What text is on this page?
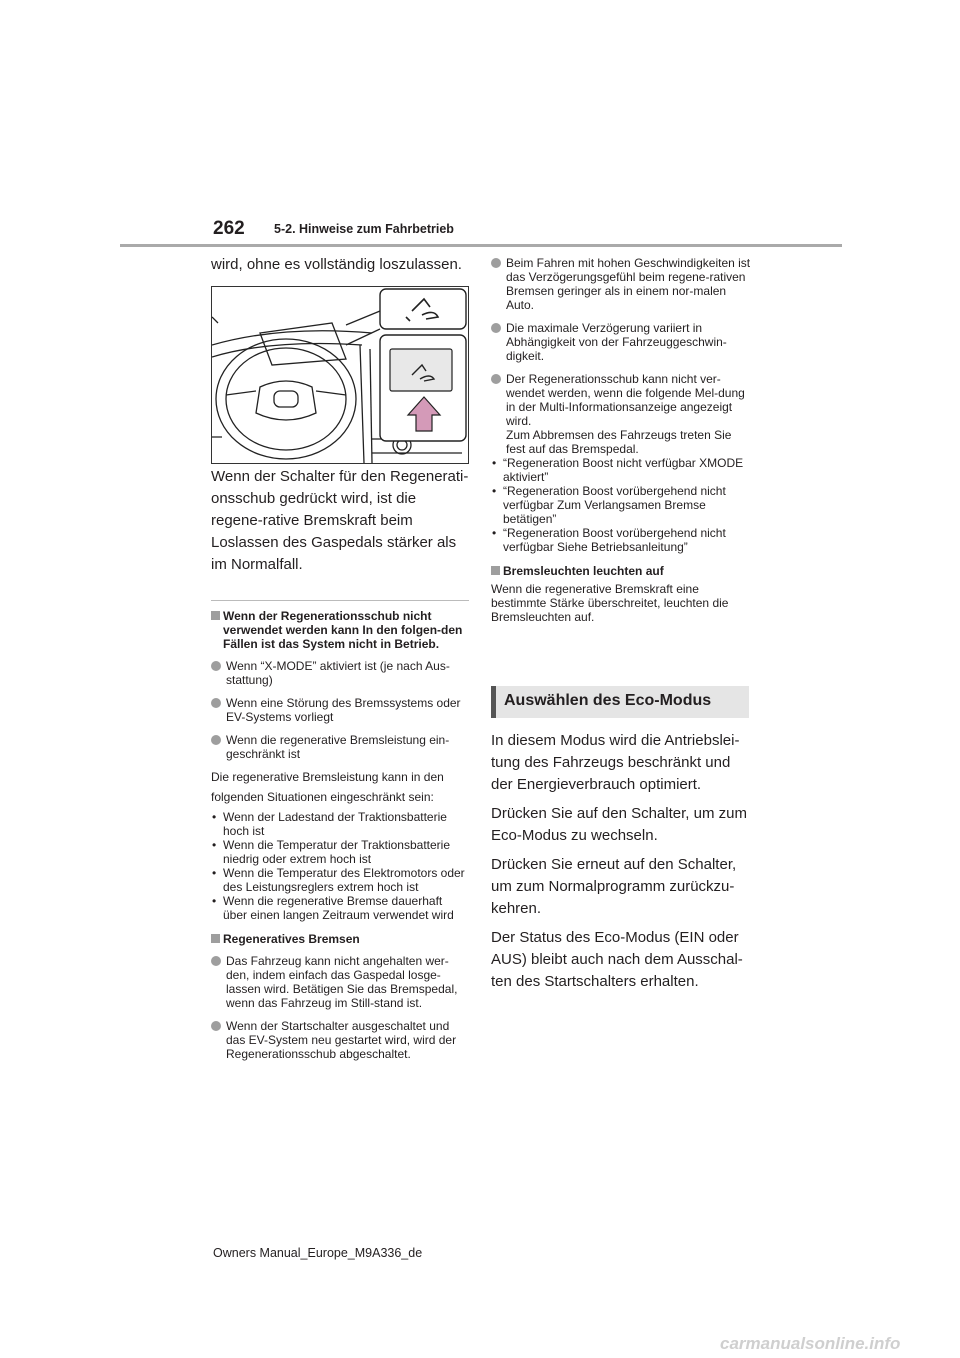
262 5-2. Hinweise zum Fahrbetrieb
wird, ohne es vollständig loszulassen.
Wenn der Schalter für den Regenerati-onsschub gedrückt wird, ist die regene-rative Bremskraft beim Loslassen des Gaspedals stärker als im Normalfall.
Wenn der Regenerationsschub nicht verwendet werden kann In den folgen-den Fällen ist das System nicht in Betrieb.
Wenn “X-MODE” aktiviert ist (je nach Aus-stattung)
Wenn eine Störung des Bremssystems oder EV-Systems vorliegt
Wenn die regenerative Bremsleistung ein-geschränkt ist
Die regenerative Bremsleistung kann in den
folgenden Situationen eingeschränkt sein:
• Wenn der Ladestand der Traktionsbatterie hoch ist
• Wenn die Temperatur der Traktionsbatterie niedrig oder extrem hoch ist
• Wenn die Temperatur des Elektromotors oder des Leistungsreglers extrem hoch ist
• Wenn die regenerative Bremse dauerhaft über einen langen Zeitraum verwendet wird
Regeneratives Bremsen
Das Fahrzeug kann nicht angehalten wer-den, indem einfach das Gaspedal losge-lassen wird. Betätigen Sie das Bremspedal, wenn das Fahrzeug im Still-stand ist.
Wenn der Startschalter ausgeschaltet und das EV-System neu gestartet wird, wird der Regenerationsschub abgeschaltet.
Beim Fahren mit hohen Geschwindigkeiten ist das Verzögerungsgefühl beim regene-rativen Bremsen geringer als in einem nor-malen Auto.
Die maximale Verzögerung variiert in Abhängigkeit von der Fahrzeuggeschwin-digkeit.
Der Regenerationsschub kann nicht ver-wendet werden, wenn die folgende Mel-dung in der Multi-Informationsanzeige angezeigt wird.
Zum Abbremsen des Fahrzeugs treten Sie fest auf das Bremspedal.
• “Regeneration Boost nicht verfügbar XMODE aktiviert”
• “Regeneration Boost vorübergehend nicht verfügbar Zum Verlangsamen Bremse betätigen”
• “Regeneration Boost vorübergehend nicht verfügbar Siehe Betriebsanleitung”
Bremsleuchten leuchten auf
Wenn die regenerative Bremskraft eine bestimmte Stärke überschreitet, leuchten die Bremsleuchten auf.
Auswählen des Eco-Modus
In diesem Modus wird die Antriebslei-tung des Fahrzeugs beschränkt und der Energieverbrauch optimiert.
Drücken Sie auf den Schalter, um zum Eco-Modus zu wechseln.
Drücken Sie erneut auf den Schalter, um zum Normalprogramm zurückzu-kehren.
Der Status des Eco-Modus (EIN oder AUS) bleibt auch nach dem Ausschal-ten des Startschalters erhalten.
Owners Manual_Europe_M9A336_de
carmanualsonline.info
